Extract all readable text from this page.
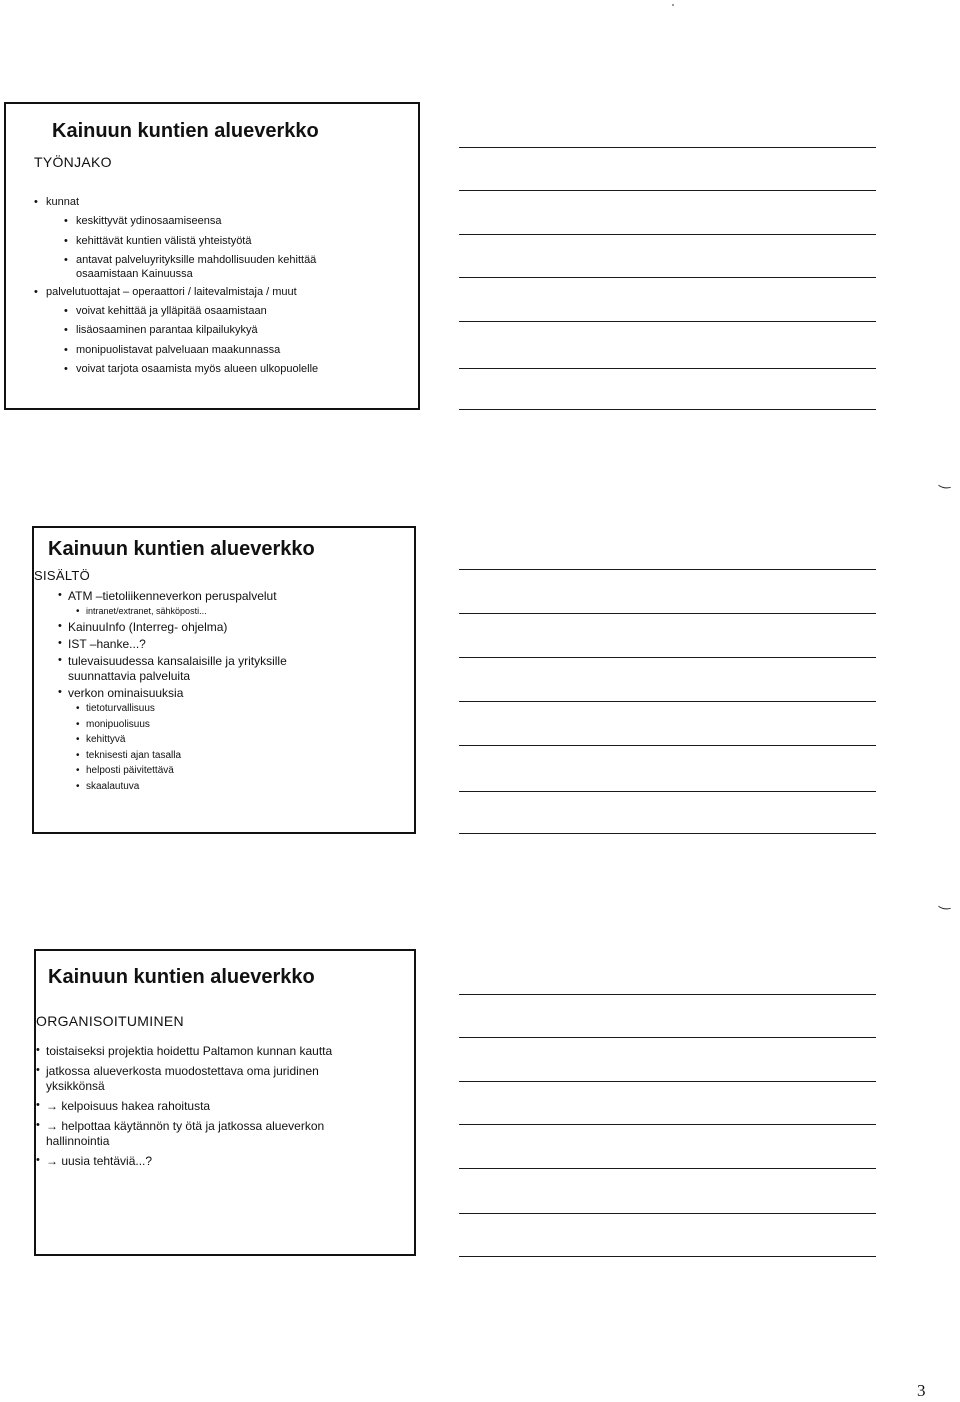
Kainuun kuntien alueverkko
TYÖNJAKO
• kunnat
• keskittyvät ydinosaamiseensa
• kehittävät kuntien välistä yhteistyötä
• antavat palveluyrityksille mahdollisuuden kehittää osaamistaan Kainuussa
• palvelutuottajat – operaattori / laitevalmistaja / muut
• voivat kehittää ja ylläpitää osaamistaan
• lisäosaaminen parantaa kilpailukykyä
• monipuolistavat palveluaan maakunnassa
• voivat tarjota osaamista myös alueen ulkopuolelle
Kainuun kuntien alueverkko
SISÄLTÖ
• ATM –tietoliikenneverkon peruspalvelut
• intranet/extranet, sähköposti...
• KainuuInfo (Interreg- ohjelma)
• IST –hanke...?
• tulevaisuudessa kansalaisille ja yrityksille suunnattavia palveluita
• verkon ominaisuuksia
• tietoturvallisuus
• monipuolisuus
• kehittyvä
• teknisesti ajan tasalla
• helposti päivitettävä
• skaalautuva
Kainuun kuntien alueverkko
ORGANISOITUMINEN
• toistaiseksi projektia hoidettu Paltamon kunnan kautta
• jatkossa alueverkosta muodostettava oma juridinen yksikkönsä
• → kelpoisuus hakea rahoitusta
• → helpottaa käytännön ty ötä ja jatkossa alueverkon hallinnointia
• → uusia tehtäviä...?
‿
‿
3
